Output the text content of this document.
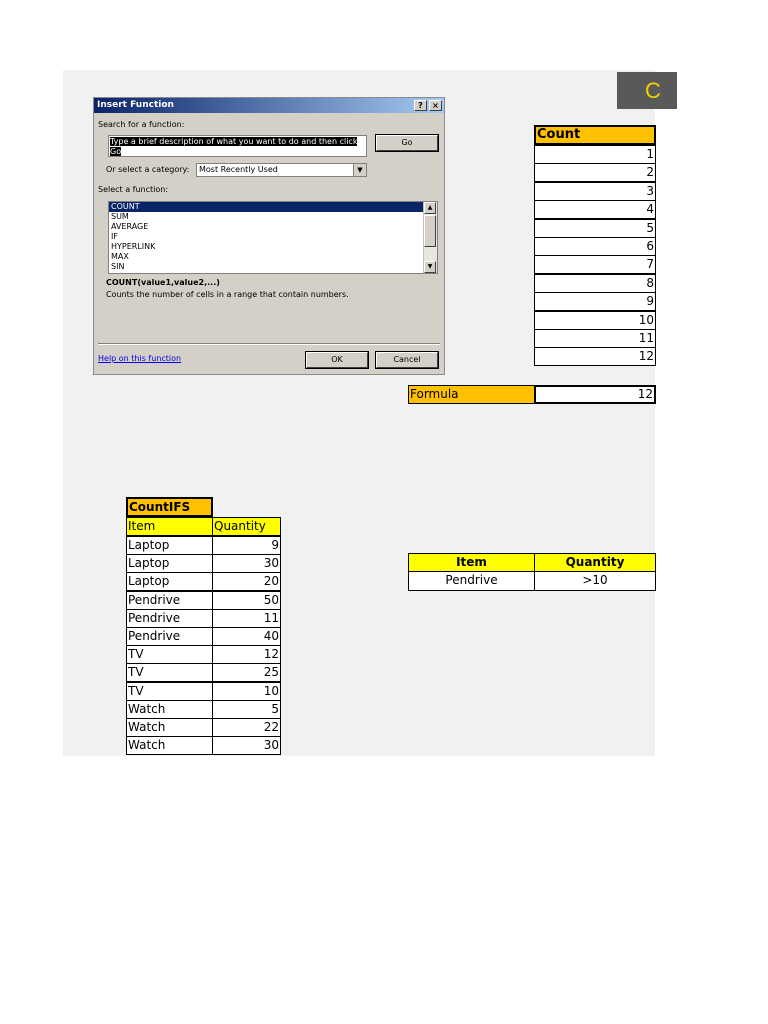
C
Count
1
2
3
4
5
6
7
8
9
10
11
12
Formula	12
CountIFS
Item	Quantity
Laptop	9
Laptop	30
Laptop	20
Pendrive	50
Pendrive	11
Pendrive	40
TV	12
TV	25
TV	10
Watch	5
Watch	22
Watch	30
Item	Quantity
Pendrive	>10
Insert Function	?	×
Search for a function:
Type a brief description of what you want to do and then click Go
Go
Or select a category:	Most Recently Used	▼
Select a function:
COUNT
SUM
AVERAGE
IF
HYPERLINK
MAX
SIN
▲
▼
COUNT(value1,value2,...)
Counts the number of cells in a range that contain numbers.
Help on this function	OK	Cancel
